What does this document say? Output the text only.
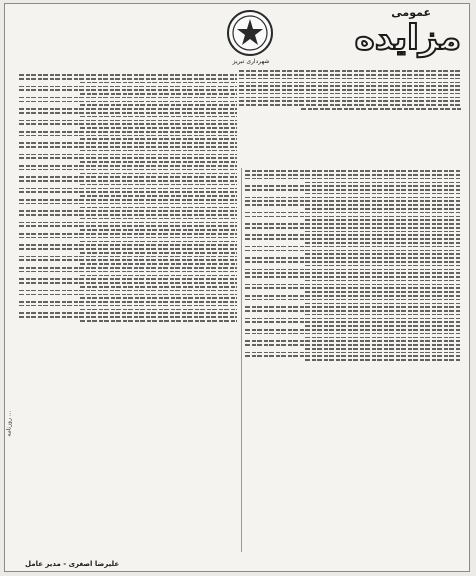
شهرداری تبریز
عمومی
مزایده
روزنامه ...
علیرضا اصغری - مدیر عامل
